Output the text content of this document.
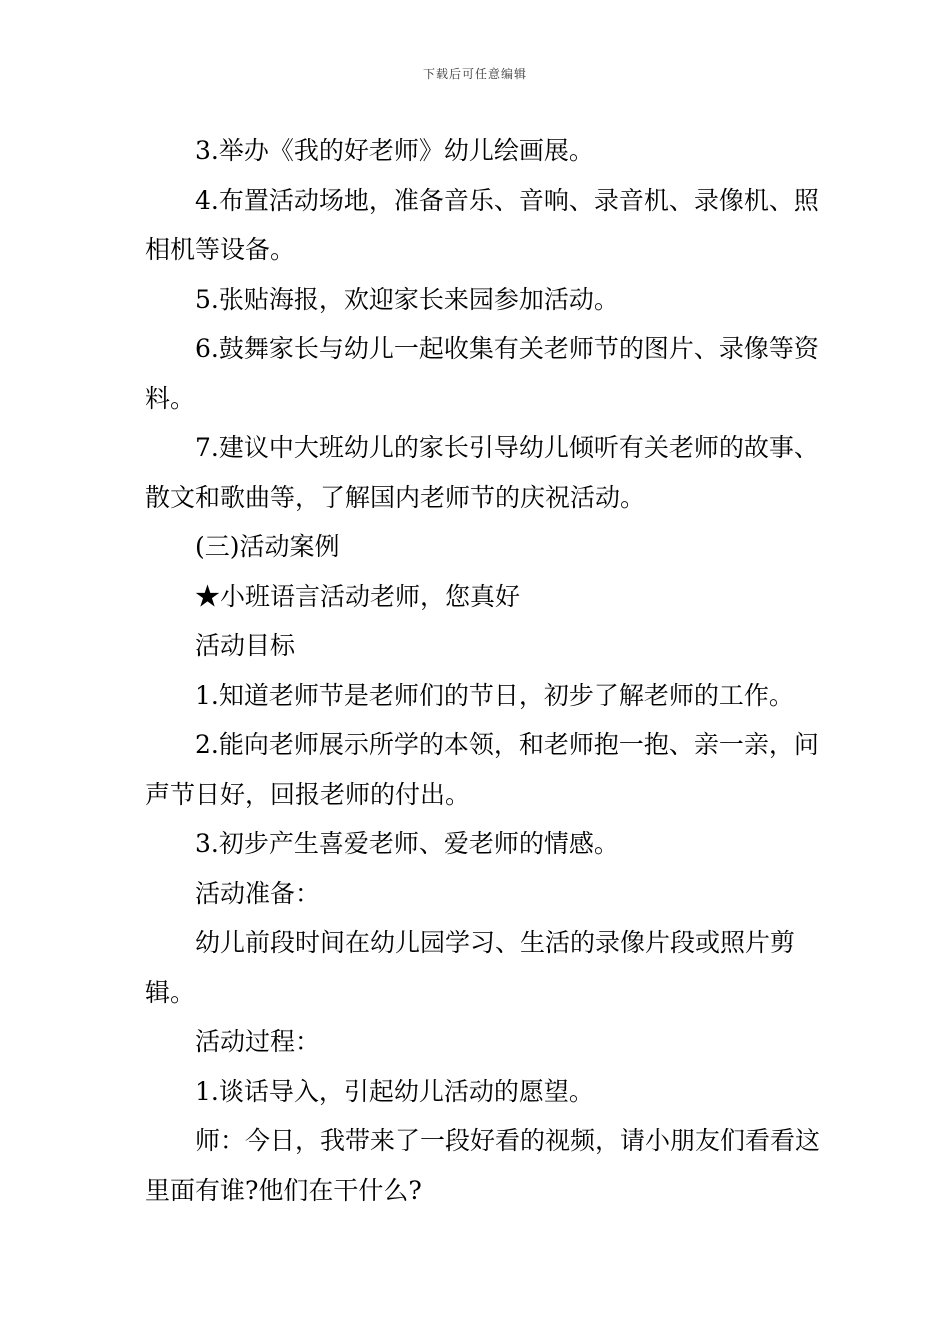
下载后可任意编辑

3.举办《我的好老师》幼儿绘画展。

4.布置活动场地，准备音乐、音响、录音机、录像机、照相机等设备。

5.张贴海报，欢迎家长来园参加活动。

6.鼓舞家长与幼儿一起收集有关老师节的图片、录像等资料。

7.建议中大班幼儿的家长引导幼儿倾听有关老师的故事、散文和歌曲等，了解国内老师节的庆祝活动。

(三)活动案例

★小班语言活动老师，您真好

活动目标

1.知道老师节是老师们的节日，初步了解老师的工作。

2.能向老师展示所学的本领，和老师抱一抱、亲一亲，问声节日好，回报老师的付出。

3.初步产生喜爱老师、爱老师的情感。

活动准备：

幼儿前段时间在幼儿园学习、生活的录像片段或照片剪辑。

活动过程：

1.谈话导入，引起幼儿活动的愿望。

师：今日，我带来了一段好看的视频，请小朋友们看看这里面有谁?他们在干什么?
